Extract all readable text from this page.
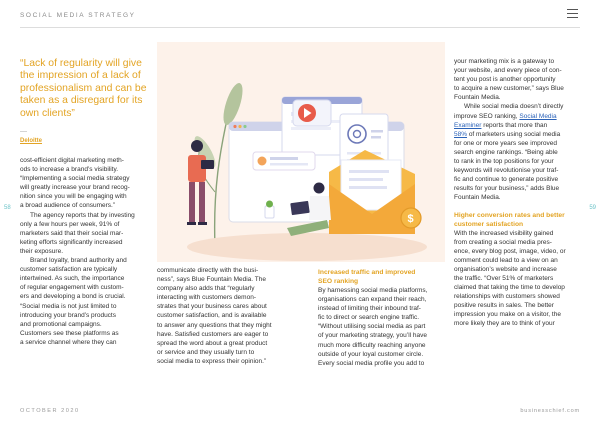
SOCIAL MEDIA STRATEGY
58	59
“Lack of regularity will give the impression of a lack of professionalism and can be taken as a disregard for its own clients”
—
Deloitte
$

cost-efficient digital marketing meth-

ods to increase a brand’s visibility.

“Implementing a social media strategy

will greatly increase your brand recog-

nition since you will be engaging with

a broad audience of consumers.”

The agency reports that by investing

only a few hours per week, 91% of

marketers said that their social mar-

keting efforts significantly increased

their exposure.

Brand loyalty, brand authority and

customer satisfaction are typically

intertwined. As such, the importance

of regular engagement with custom-

ers and developing a bond is crucial.

“Social media is not just limited to

introducing your brand’s products

and promotional campaigns.

Customers see these platforms as

a service channel where they can

communicate directly with the busi-

ness”, says Blue Fountain Media. The

company also adds that “regularly

interacting with customers demon-

strates that your business cares about

customer satisfaction, and is available

to answer any questions that they might

have. Satisfied customers are eager to

spread the word about a great product

or service and they usually turn to

social media to express their opinion.”

Increased traffic and improved
SEO ranking

By harnessing social media platforms,

organisations can expand their reach,

instead of limiting their inbound traf-

fic to direct or search engine traffic.

“Without utilising social media as part

of your marketing strategy, you’ll have

much more difficulty reaching anyone

outside of your loyal customer circle.

Every social media profile you add to

your marketing mix is a gateway to

your website, and every piece of con-

tent you post is another opportunity

to acquire a new customer,” says Blue

Fountain Media.

While social media doesn’t directly

improve SEO ranking, Social Media

Examiner reports that more than

58% of marketers using social media

for one or more years see improved

search engine rankings. “Being able

to rank in the top positions for your

keywords will revolutionise your traf-

fic and continue to generate positive

results for your business,” adds Blue

Fountain Media.

Higher conversion rates and better
customer satisfaction

With the increased visibility gained

from creating a social media pres-

ence, every blog post, image, video, or

comment could lead to a view on an

organisation’s website and increase

the traffic. “Over 51% of marketers

claimed that taking the time to develop

relationships with customers showed

positive results in sales. The better

impression you make on a visitor, the

more likely they are to think of your

OCTOBER 2020	businesschief.com
